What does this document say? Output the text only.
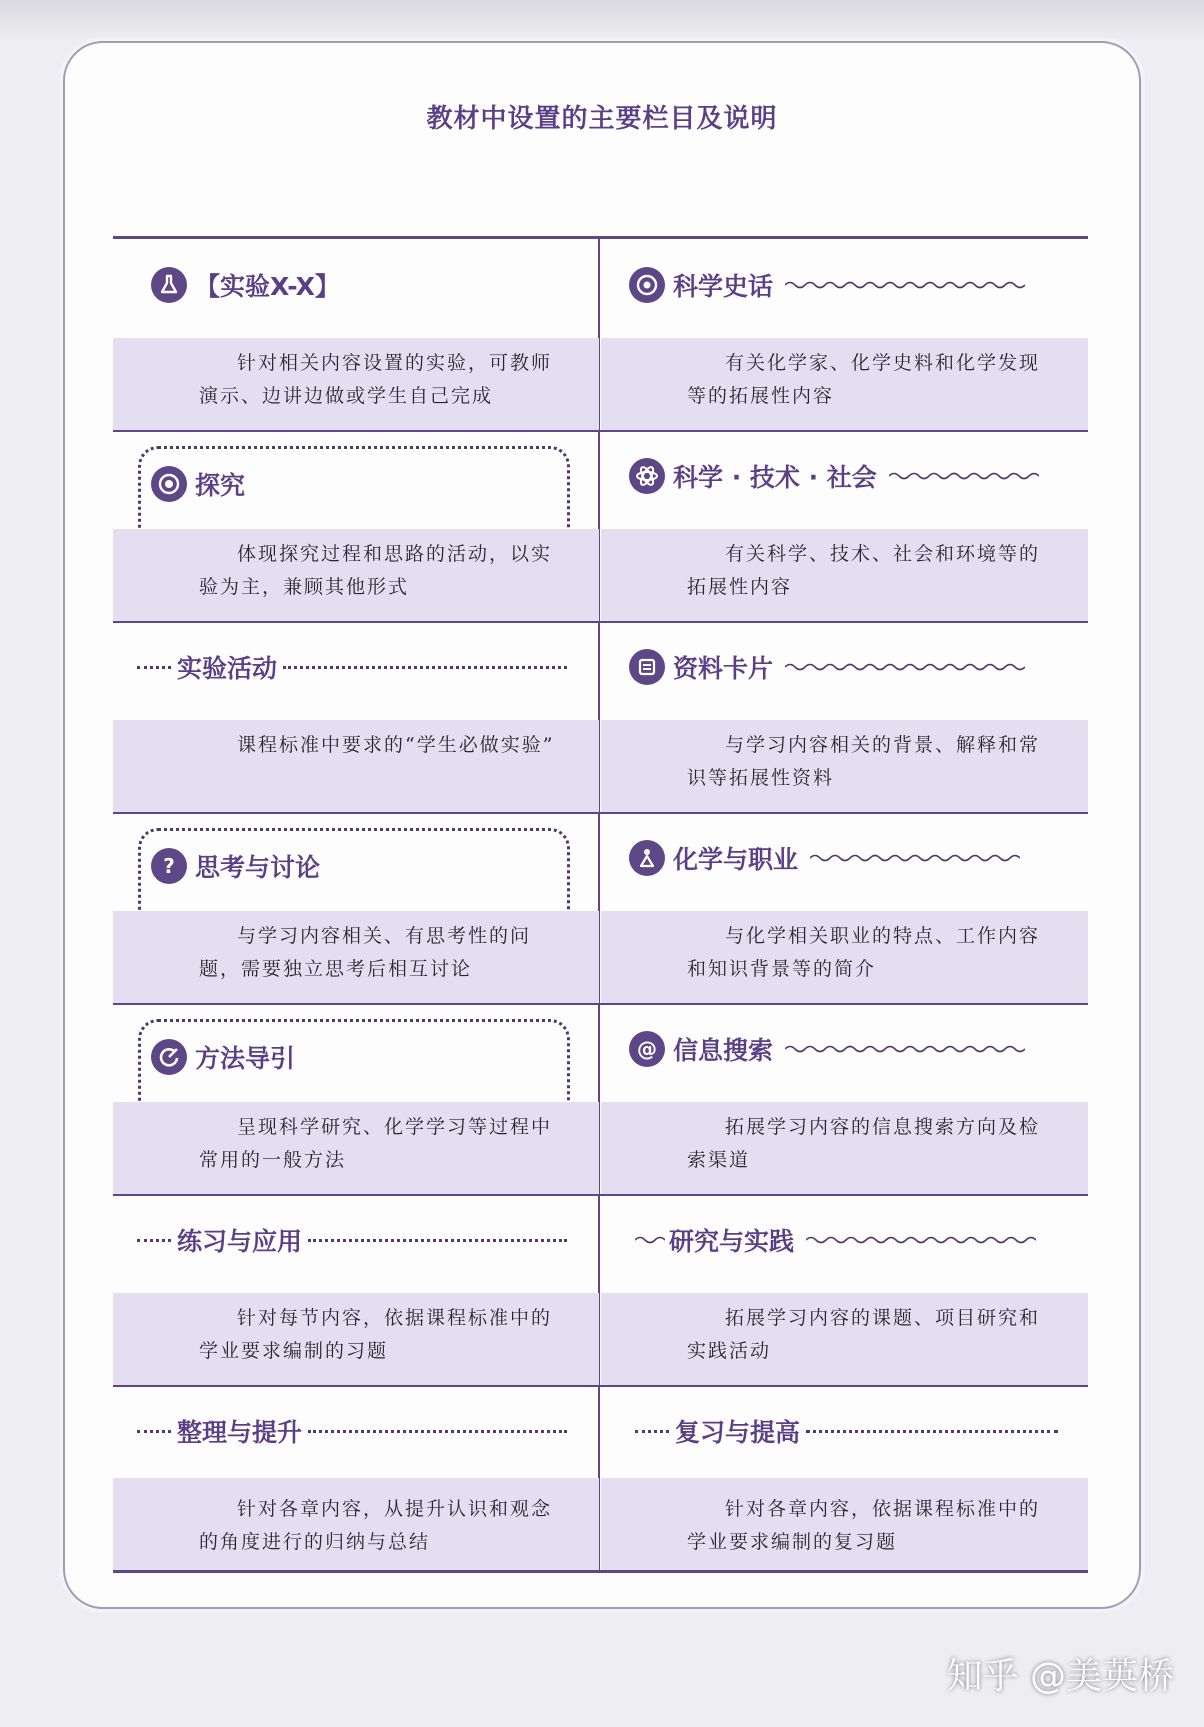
教材中设置的主要栏目及说明
【实验X-X】
针对相关内容设置的实验，可教师演示、边讲边做或学生自己完成
科学史话
有关化学家、化学史料和化学发现等的拓展性内容
探究
体现探究过程和思路的活动，以实验为主，兼顾其他形式
科学 · 技术 · 社会
有关科学、技术、社会和环境等的拓展性内容
实验活动
课程标准中要求的“学生必做实验”
资料卡片
与学习内容相关的背景、解释和常识等拓展性资料
? 思考与讨论
与学习内容相关、有思考性的问题，需要独立思考后相互讨论
化学与职业
与化学相关职业的特点、工作内容和知识背景等的简介
方法导引
呈现科学研究、化学学习等过程中常用的一般方法
@ 信息搜索
拓展学习内容的信息搜索方向及检索渠道
练习与应用
针对每节内容，依据课程标准中的学业要求编制的习题
研究与实践
拓展学习内容的课题、项目研究和实践活动
整理与提升
针对各章内容，从提升认识和观念的角度进行的归纳与总结
复习与提高
针对各章内容，依据课程标准中的学业要求编制的复习题
知乎 @美英桥
